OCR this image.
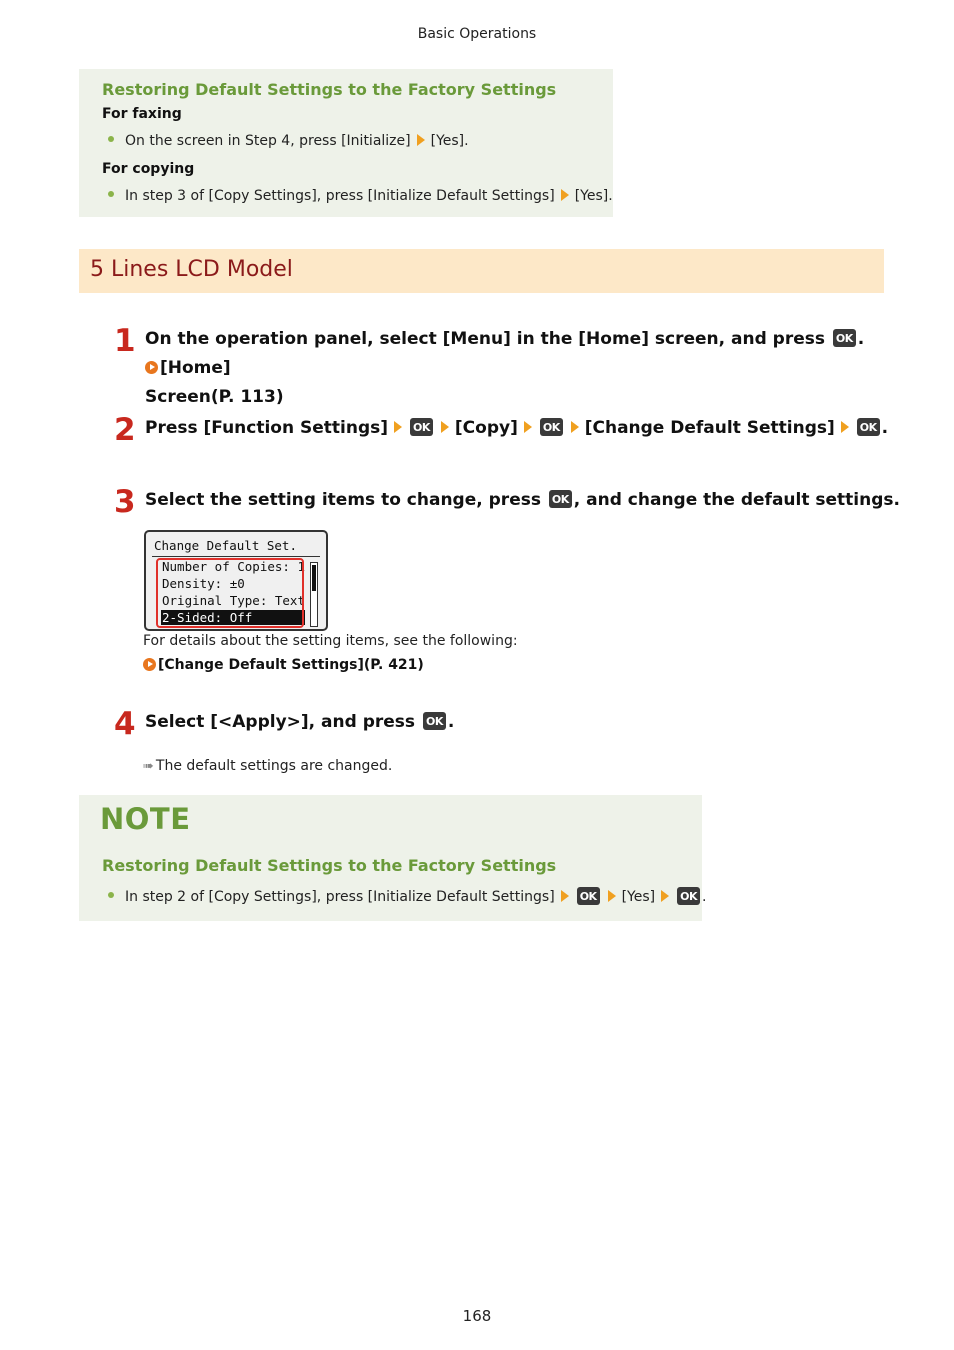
Basic Operations
Restoring Default Settings to the Factory Settings
For faxing
On the screen in Step 4, press [Initialize] [Yes].
For copying
In step 3 of [Copy Settings], press [Initialize Default Settings] [Yes].
5 Lines LCD Model
1 On the operation panel, select [Menu] in the [Home] screen, and press OK . [Home]
Screen(P. 113)
2 Press [Function Settings] OK [Copy] OK [Change Default Settings] OK .
3 Select the setting items to change, press OK , and change the default settings.
Change Default Set.
Number of Copies: 1
Density: ±0
Original Type: Text
2-Sided: Off
For details about the setting items, see the following:
[Change Default Settings](P. 421)
4 Select [<Apply>], and press OK .
➠ The default settings are changed.
NOTE
Restoring Default Settings to the Factory Settings
In step 2 of [Copy Settings], press [Initialize Default Settings] OK [Yes] OK .
168
